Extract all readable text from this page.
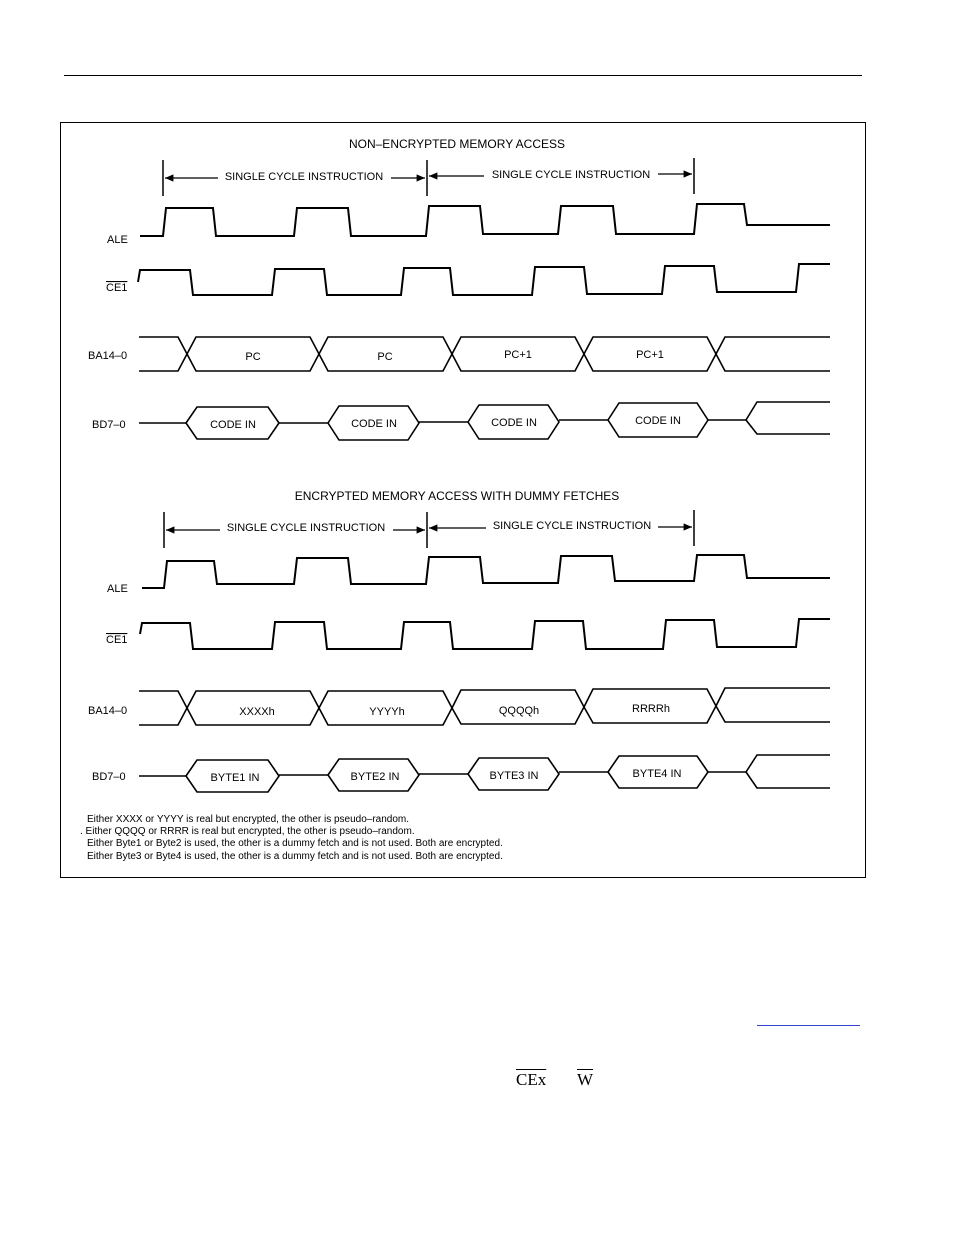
NON–ENCRYPTED MEMORY ACCESS
SINGLE CYCLE INSTRUCTION	SINGLE CYCLE INSTRUCTION
ALE
CE1
BA14–0
BD7–0
PC	PC	PC+1	PC+1
CODE IN	CODE IN	CODE IN	CODE IN
ENCRYPTED MEMORY ACCESS WITH DUMMY FETCHES
SINGLE CYCLE INSTRUCTION	SINGLE CYCLE INSTRUCTION
ALE
CE1
BA14–0
BD7–0
XXXXh	YYYYh	QQQQh	RRRRh
BYTE1 IN	BYTE2 IN	BYTE3 IN	BYTE4 IN
Either XXXX or YYYY is real but encrypted, the other is pseudo–random.
. Either QQQQ or RRRR is real but encrypted, the other is pseudo–random.
Either Byte1 or Byte2 is used, the other is a dummy fetch and is not used. Both are encrypted.
Either Byte3 or Byte4 is used, the other is a dummy fetch and is not used. Both are encrypted.
$\overline{CEx}$ $\overline{W}$
